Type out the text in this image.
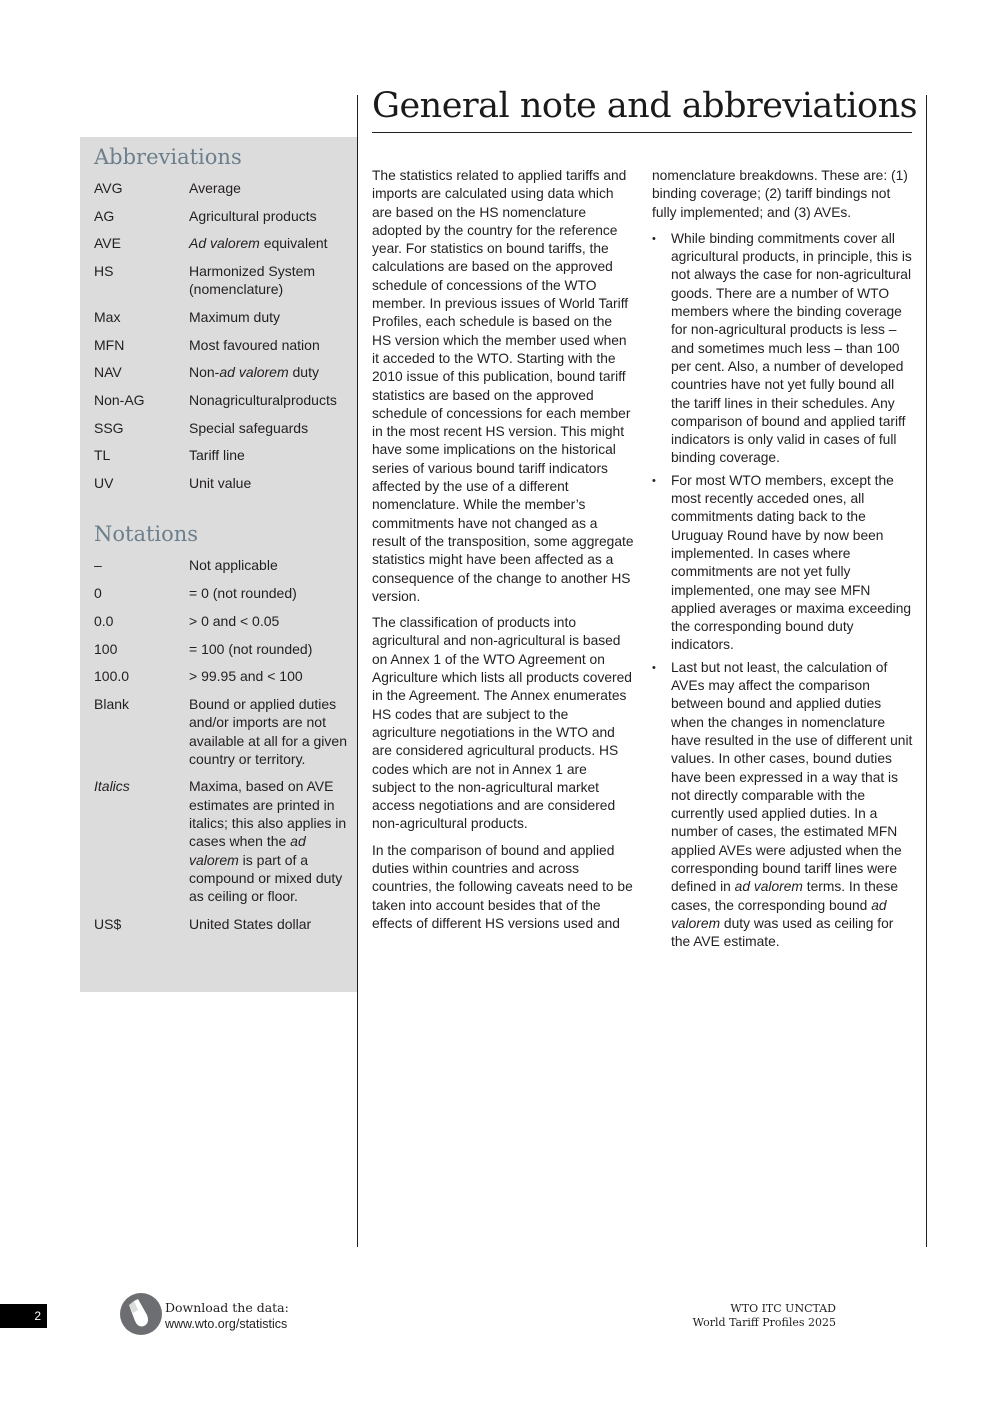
General note and abbreviations
Abbreviations
AVG	Average
AG	Agricultural products
AVE	Ad valorem equivalent
HS	Harmonized System (nomenclature)
Max	Maximum duty
MFN	Most favoured nation
NAV	Non-ad valorem duty
Non-AG	Nonagriculturalproducts
SSG	Special safeguards
TL	Tariff line
UV	Unit value
Notations
–	Not applicable
0	= 0 (not rounded)
0.0	> 0 and < 0.05
100	= 100 (not rounded)
100.0	> 99.95 and < 100
Blank	Bound or applied duties and/or imports are not available at all for a given country or territory.
Italics	Maxima, based on AVE estimates are printed in italics; this also applies in cases when the ad valorem is part of a compound or mixed duty as ceiling or floor.
US$	United States dollar

The statistics related to applied tariffs and imports are calculated using data which are based on the HS nomenclature adopted by the country for the reference year. For statistics on bound tariffs, the calculations are based on the approved schedule of concessions of the WTO member. In previous issues of World Tariff Profiles, each schedule is based on the HS version which the member used when it acceded to the WTO. Starting with the 2010 issue of this publication, bound tariff statistics are based on the approved schedule of concessions for each member in the most recent HS version. This might have some implications on the historical series of various bound tariff indicators affected by the use of a different nomenclature. While the member’s commitments have not changed as a result of the transposition, some aggregate statistics might have been affected as a consequence of the change to another HS version.

The classification of products into agricultural and non-agricultural is based on Annex 1 of the WTO Agreement on Agriculture which lists all products covered in the Agreement. The Annex enumerates HS codes that are subject to the agriculture negotiations in the WTO and are considered agricultural products. HS codes which are not in Annex 1 are subject to the non-agricultural market access negotiations and are considered non-agricultural products.

In the comparison of bound and applied duties within countries and across countries, the following caveats need to be taken into account besides that of the effects of different HS versions used and

nomenclature breakdowns. These are: (1) binding coverage; (2) tariff bindings not fully implemented; and (3) AVEs.

• While binding commitments cover all agricultural products, in principle, this is not always the case for non-agricultural goods. There are a number of WTO members where the binding coverage for non-agricultural products is less – and sometimes much less – than 100 per cent. Also, a number of developed countries have not yet fully bound all the tariff lines in their schedules. Any comparison of bound and applied tariff indicators is only valid in cases of full binding coverage.
• For most WTO members, except the most recently acceded ones, all commitments dating back to the Uruguay Round have by now been implemented. In cases where commitments are not yet fully implemented, one may see MFN applied averages or maxima exceeding the corresponding bound duty indicators.
• Last but not least, the calculation of AVEs may affect the comparison between bound and applied duties when the changes in nomenclature have resulted in the use of different unit values. In other cases, bound duties have been expressed in a way that is not directly comparable with the currently used applied duties. In a number of cases, the estimated MFN applied AVEs were adjusted when the corresponding bound tariff lines were defined in ad valorem terms. In these cases, the corresponding bound ad valorem duty was used as ceiling for the AVE estimate.
2
Download the data:
www.wto.org/statistics
WTO ITC UNCTAD
World Tariff Profiles 2025
